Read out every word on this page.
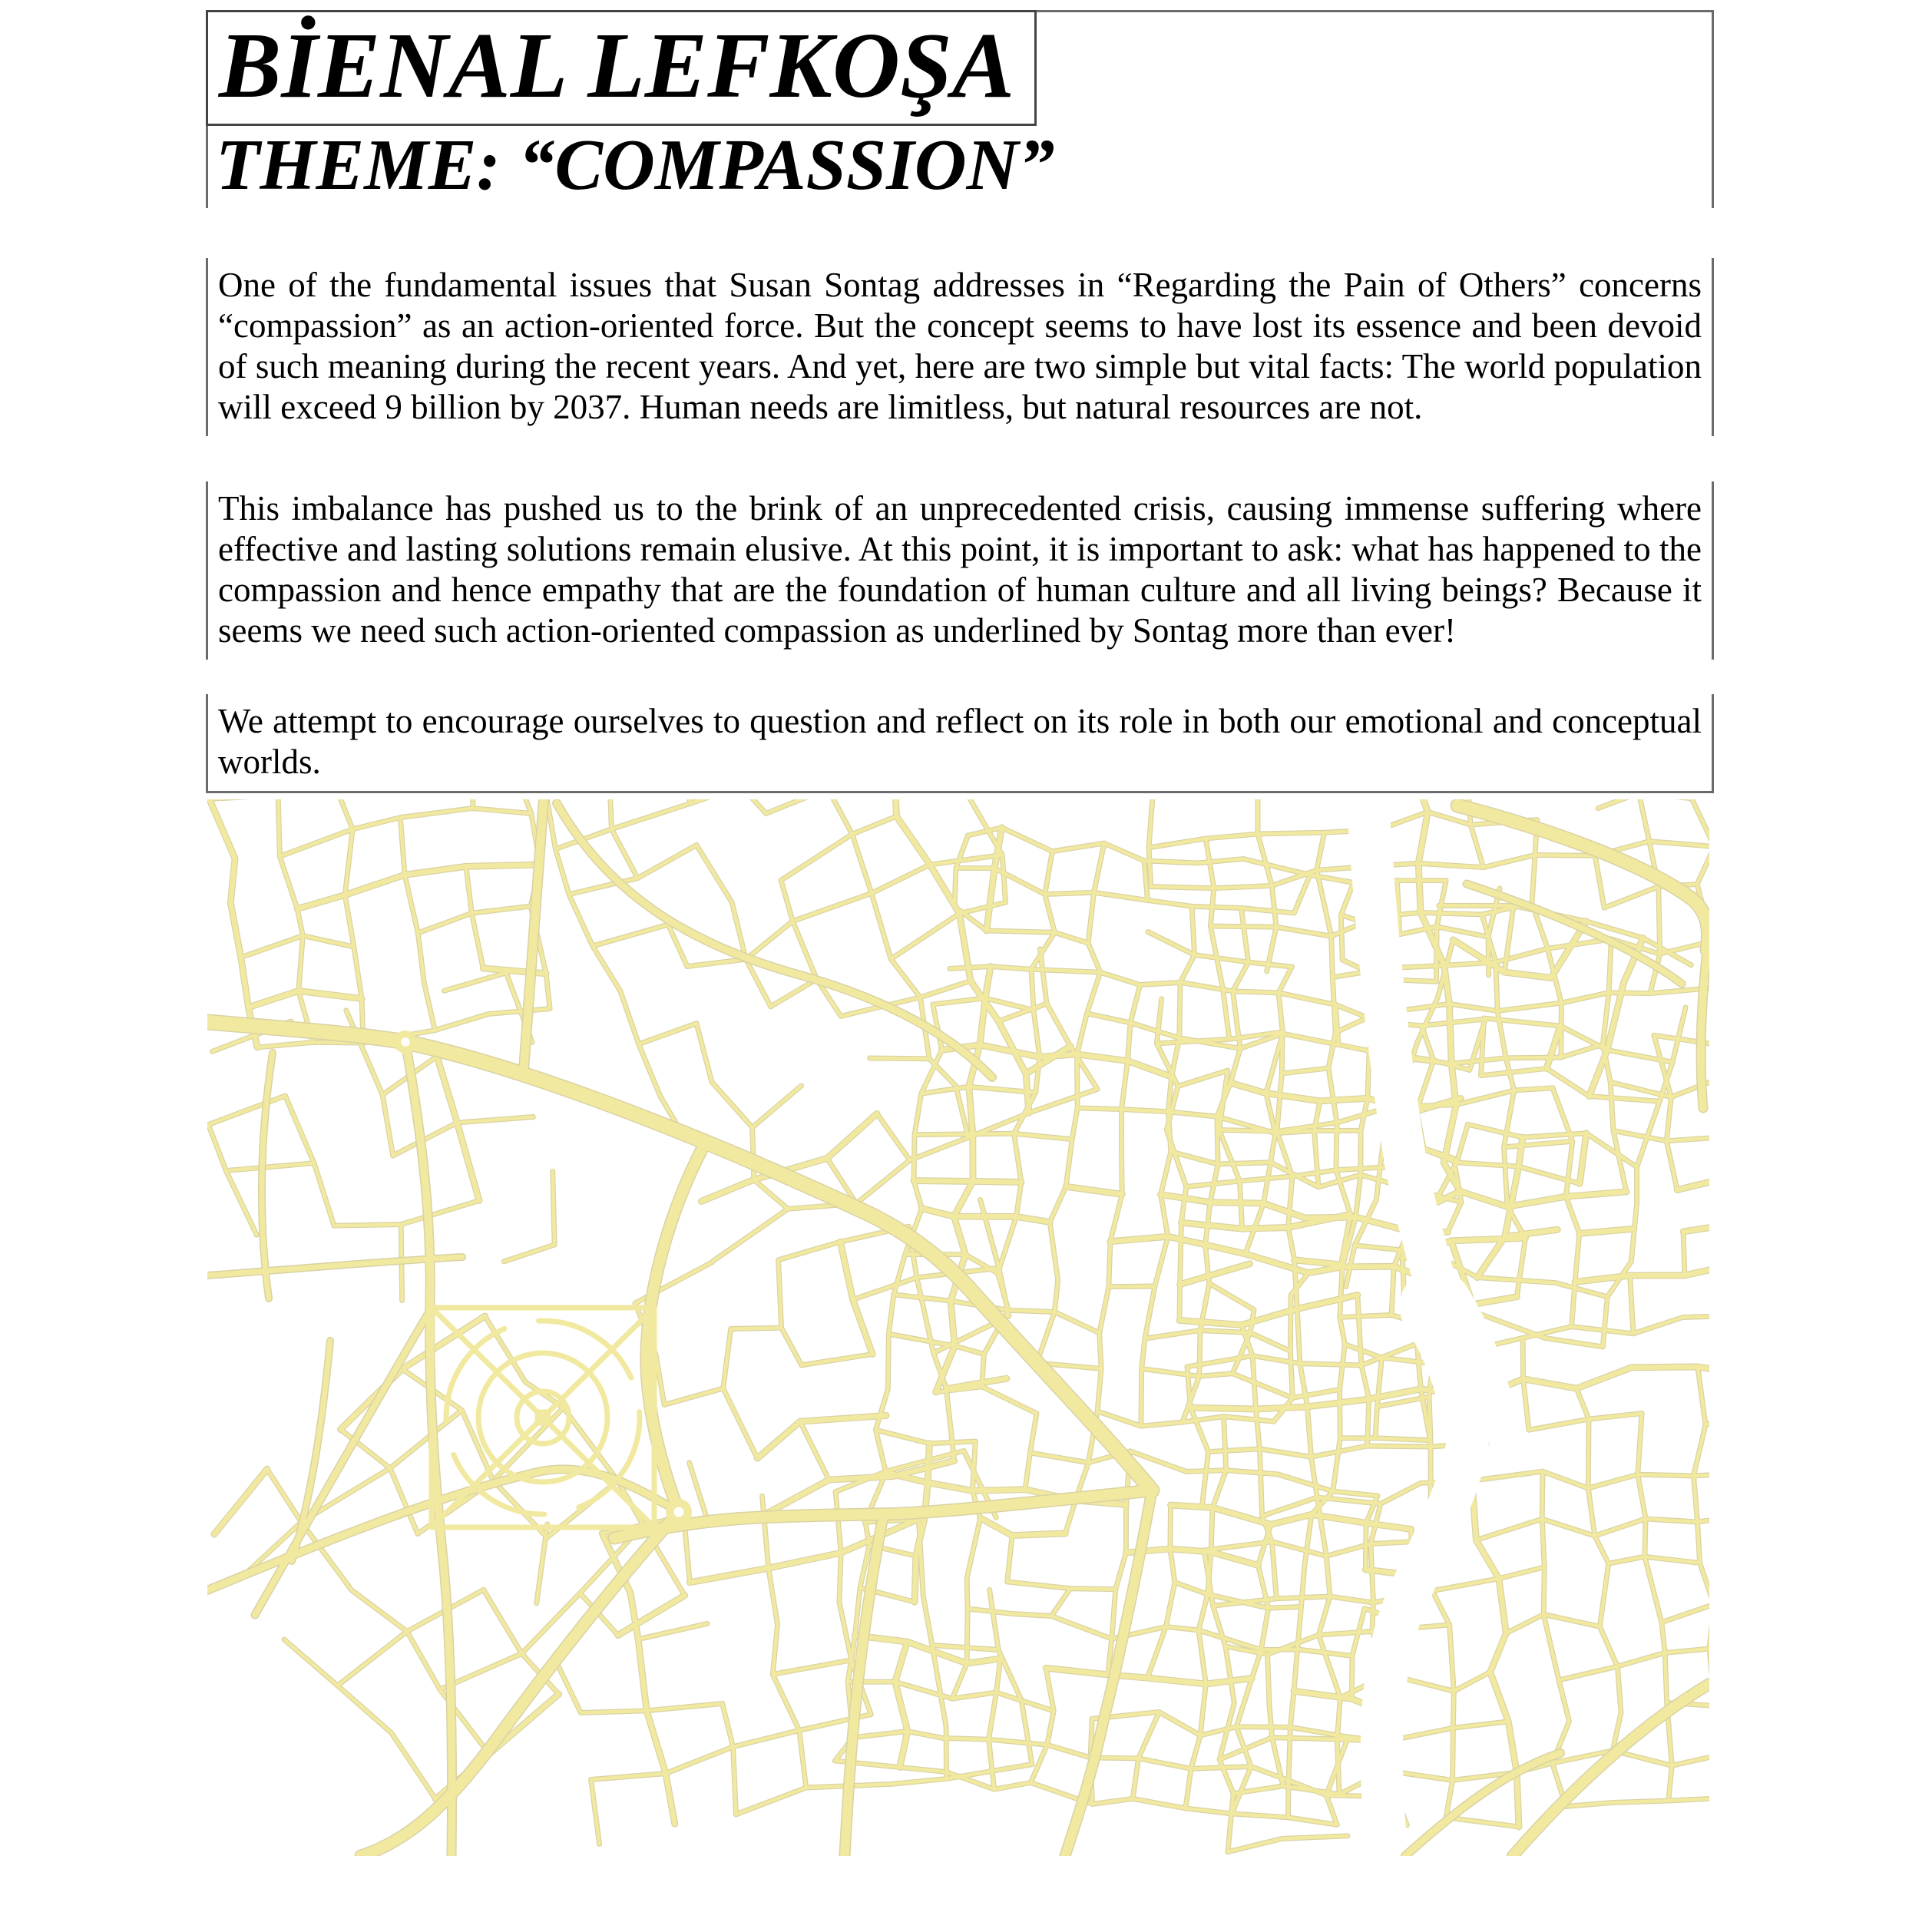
BİENAL LEFKOŞA
THEME: “COMPASSION”

One of the fundamental issues that Susan Sontag addresses in “Regarding the Pain of Others” concerns “compassion” as an action-oriented force. But the concept seems to have lost its essence and been devoid of such meaning during the recent years. And yet, here are two simple but vital facts: The world population will exceed 9 billion by 2037. Human needs are limitless, but natural resources are not.

This imbalance has pushed us to the brink of an unprecedented crisis, causing immense suffering where effective and lasting solutions remain elusive. At this point, it is important to ask: what has happened to the compassion and hence empathy that are the foundation of human culture and all living beings? Because it seems we need such action-oriented compassion as underlined by Sontag more than ever!

We attempt to encourage ourselves to question and reflect on its role in both our emotional and conceptual worlds.
